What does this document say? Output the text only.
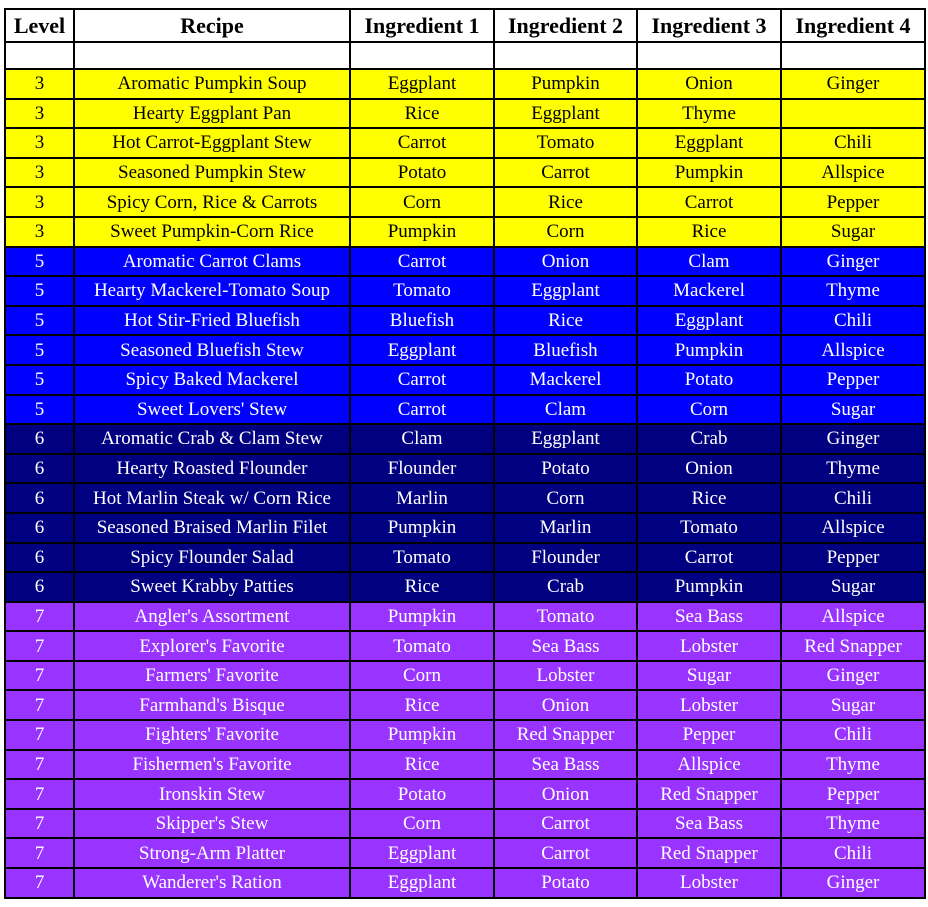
Level	Recipe	Ingredient 1	Ingredient 2	Ingredient 3	Ingredient 4

3	Aromatic Pumpkin Soup	Eggplant	Pumpkin	Onion	Ginger
3	Hearty Eggplant Pan	Rice	Eggplant	Thyme	
3	Hot Carrot-Eggplant Stew	Carrot	Tomato	Eggplant	Chili
3	Seasoned Pumpkin Stew	Potato	Carrot	Pumpkin	Allspice
3	Spicy Corn, Rice & Carrots	Corn	Rice	Carrot	Pepper
3	Sweet Pumpkin-Corn Rice	Pumpkin	Corn	Rice	Sugar
5	Aromatic Carrot Clams	Carrot	Onion	Clam	Ginger
5	Hearty Mackerel-Tomato Soup	Tomato	Eggplant	Mackerel	Thyme
5	Hot Stir-Fried Bluefish	Bluefish	Rice	Eggplant	Chili
5	Seasoned Bluefish Stew	Eggplant	Bluefish	Pumpkin	Allspice
5	Spicy Baked Mackerel	Carrot	Mackerel	Potato	Pepper
5	Sweet Lovers' Stew	Carrot	Clam	Corn	Sugar
6	Aromatic Crab & Clam Stew	Clam	Eggplant	Crab	Ginger
6	Hearty Roasted Flounder	Flounder	Potato	Onion	Thyme
6	Hot Marlin Steak w/ Corn Rice	Marlin	Corn	Rice	Chili
6	Seasoned Braised Marlin Filet	Pumpkin	Marlin	Tomato	Allspice
6	Spicy Flounder Salad	Tomato	Flounder	Carrot	Pepper
6	Sweet Krabby Patties	Rice	Crab	Pumpkin	Sugar
7	Angler's Assortment	Pumpkin	Tomato	Sea Bass	Allspice
7	Explorer's Favorite	Tomato	Sea Bass	Lobster	Red Snapper
7	Farmers' Favorite	Corn	Lobster	Sugar	Ginger
7	Farmhand's Bisque	Rice	Onion	Lobster	Sugar
7	Fighters' Favorite	Pumpkin	Red Snapper	Pepper	Chili
7	Fishermen's Favorite	Rice	Sea Bass	Allspice	Thyme
7	Ironskin Stew	Potato	Onion	Red Snapper	Pepper
7	Skipper's Stew	Corn	Carrot	Sea Bass	Thyme
7	Strong-Arm Platter	Eggplant	Carrot	Red Snapper	Chili
7	Wanderer's Ration	Eggplant	Potato	Lobster	Ginger
